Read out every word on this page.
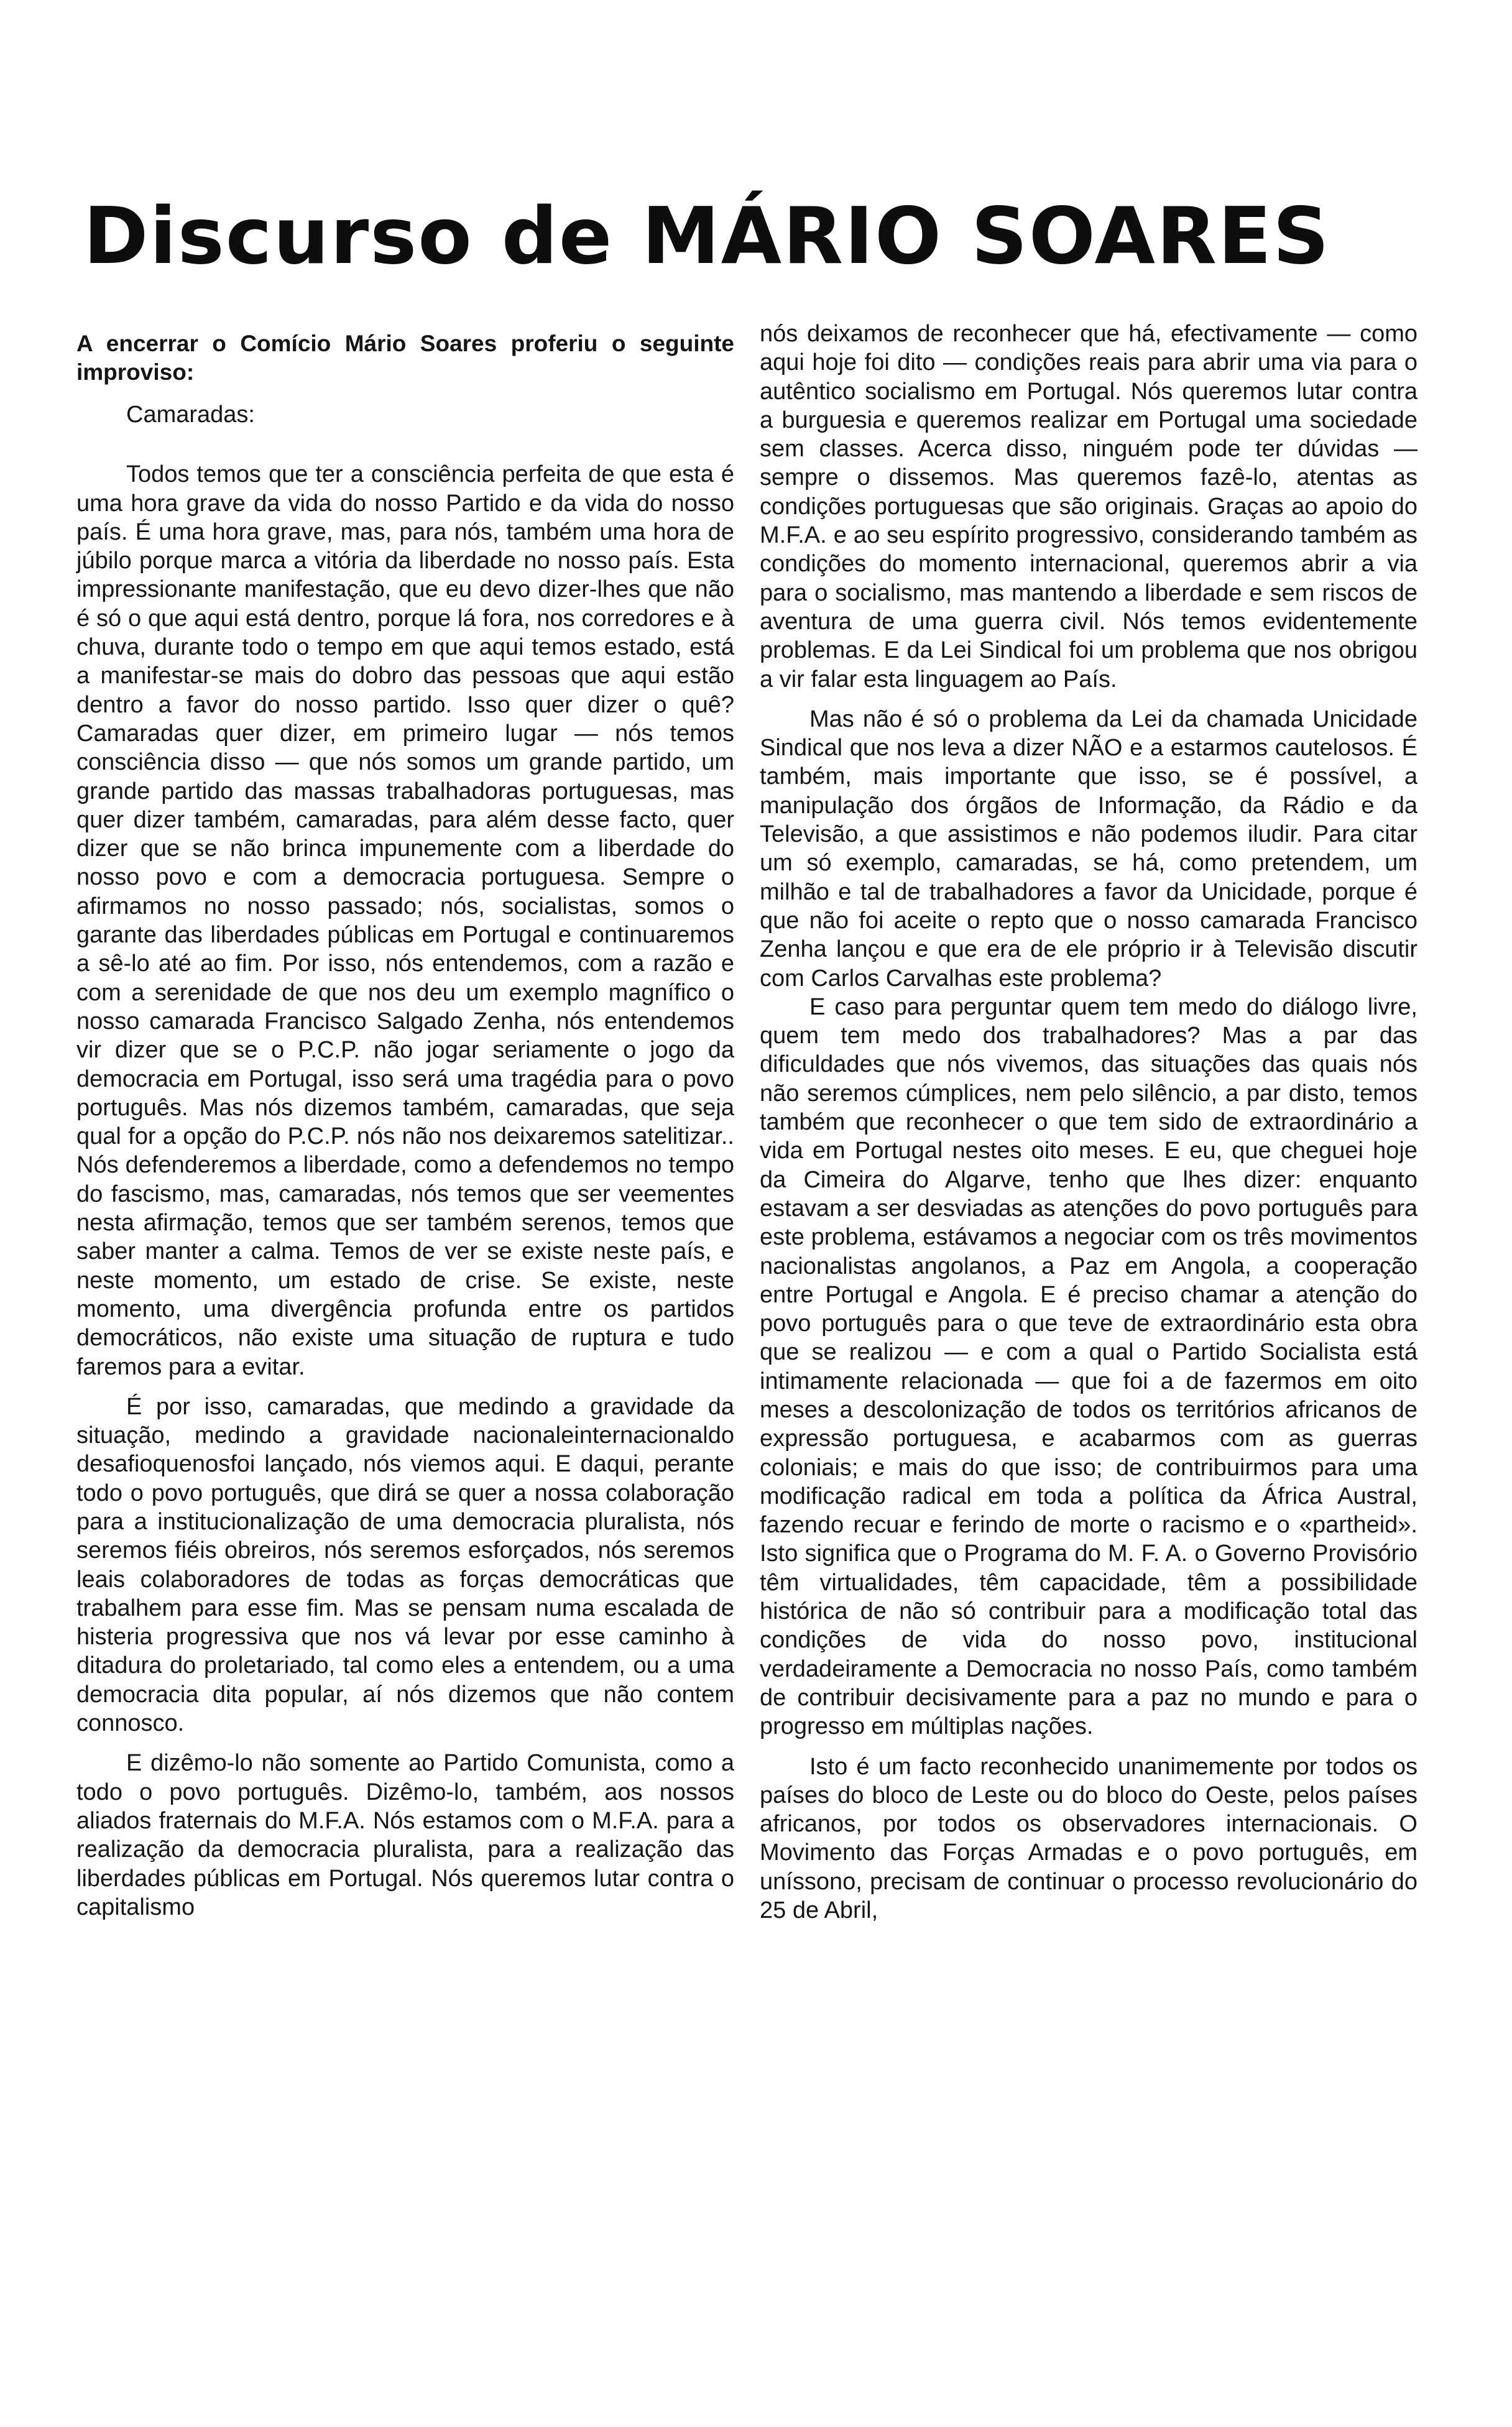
Discurso de MÁRIO SOARES

A encerrar o Comício Mário Soares proferiu o seguinte improviso:

Camaradas:

Todos temos que ter a consciência perfeita de que esta é uma hora grave da vida do nosso Partido e da vida do nosso país. É uma hora grave, mas, para nós, também uma hora de júbilo porque marca a vitória da liberdade no nosso país. Esta impressionante manifestação, que eu devo dizer-lhes que não é só o que aqui está dentro, porque lá fora, nos corredores e à chuva, durante todo o tempo em que aqui temos estado, está a manifestar-se mais do dobro das pessoas que aqui estão dentro a favor do nosso partido. Isso quer dizer o quê? Camaradas quer dizer, em primeiro lugar — nós temos consciência disso — que nós somos um grande partido, um grande partido das massas trabalhadoras portuguesas, mas quer dizer também, camaradas, para além desse facto, quer dizer que se não brinca impunemente com a liberdade do nosso povo e com a democracia portuguesa. Sempre o afirmamos no nosso passado; nós, socialistas, somos o garante das liberdades públicas em Portugal e continuaremos a sê-lo até ao fim. Por isso, nós entendemos, com a razão e com a serenidade de que nos deu um exemplo magnífico o nosso camarada Francisco Salgado Zenha, nós entendemos vir dizer que se o P.C.P. não jogar seriamente o jogo da democracia em Portugal, isso será uma tragédia para o povo português. Mas nós dizemos também, camaradas, que seja qual for a opção do P.C.P. nós não nos deixaremos satelitizar.. Nós defenderemos a liberdade, como a defendemos no tempo do fascismo, mas, camaradas, nós temos que ser veementes nesta afirmação, temos que ser também serenos, temos que saber manter a calma. Temos de ver se existe neste país, e neste momento, um estado de crise. Se existe, neste momento, uma divergência profunda entre os partidos democráticos, não existe uma situação de ruptura e tudo faremos para a evitar.

É por isso, camaradas, que medindo a gravidade da situação, medindo a gravidade nacionaleinternacionaldo desafioquenosfoi lançado, nós viemos aqui. E daqui, perante todo o povo português, que dirá se quer a nossa colaboração para a institucionalização de uma democracia pluralista, nós seremos fiéis obreiros, nós seremos esforçados, nós seremos leais colaboradores de todas as forças democráticas que trabalhem para esse fim. Mas se pensam numa escalada de histeria progressiva que nos vá levar por esse caminho à ditadura do proletariado, tal como eles a entendem, ou a uma democracia dita popular, aí nós dizemos que não contem connosco.

E dizêmo-lo não somente ao Partido Comunista, como a todo o povo português. Dizêmo-lo, também, aos nossos aliados fraternais do M.F.A. Nós estamos com o M.F.A. para a realização da democracia pluralista, para a realização das liberdades públicas em Portugal. Nós queremos lutar contra o capitalismo

nós deixamos de reconhecer que há, efectivamente — como aqui hoje foi dito — condições reais para abrir uma via para o autêntico socialismo em Portugal. Nós queremos lutar contra a burguesia e queremos realizar em Portugal uma sociedade sem classes. Acerca disso, ninguém pode ter dúvidas — sempre o dissemos. Mas queremos fazê-lo, atentas as condições portuguesas que são originais. Graças ao apoio do M.F.A. e ao seu espírito progressivo, considerando também as condições do momento internacional, queremos abrir a via para o socialismo, mas mantendo a liberdade e sem riscos de aventura de uma guerra civil. Nós temos evidentemente problemas. E da Lei Sindical foi um problema que nos obrigou a vir falar esta linguagem ao País.

Mas não é só o problema da Lei da chamada Unicidade Sindical que nos leva a dizer NÃO e a estarmos cautelosos. É também, mais importante que isso, se é possível, a manipulação dos órgãos de Informação, da Rádio e da Televisão, a que assistimos e não podemos iludir. Para citar um só exemplo, camaradas, se há, como pretendem, um milhão e tal de trabalhadores a favor da Unicidade, porque é que não foi aceite o repto que o nosso camarada Francisco Zenha lançou e que era de ele próprio ir à Televisão discutir com Carlos Carvalhas este problema?

E caso para perguntar quem tem medo do diálogo livre, quem tem medo dos trabalhadores? Mas a par das dificuldades que nós vivemos, das situações das quais nós não seremos cúmplices, nem pelo silêncio, a par disto, temos também que reconhecer o que tem sido de extraordinário a vida em Portugal nestes oito meses. E eu, que cheguei hoje da Cimeira do Algarve, tenho que lhes dizer: enquanto estavam a ser desviadas as atenções do povo português para este problema, estávamos a negociar com os três movimentos nacionalistas angolanos, a Paz em Angola, a cooperação entre Portugal e Angola. E é preciso chamar a atenção do povo português para o que teve de extraordinário esta obra que se realizou — e com a qual o Partido Socialista está intimamente relacionada — que foi a de fazermos em oito meses a descolonização de todos os territórios africanos de expressão portuguesa, e acabarmos com as guerras coloniais; e mais do que isso; de contribuirmos para uma modificação radical em toda a política da África Austral, fazendo recuar e ferindo de morte o racismo e o «partheid». Isto significa que o Programa do M. F. A. o Governo Provisório têm virtualidades, têm capacidade, têm a possibilidade histórica de não só contribuir para a modificação total das condições de vida do nosso povo, institucional verdadeiramente a Democracia no nosso País, como também de contribuir decisivamente para a paz no mundo e para o progresso em múltiplas nações.

Isto é um facto reconhecido unanimemente por todos os países do bloco de Leste ou do bloco do Oeste, pelos países africanos, por todos os observadores internacionais. O Movimento das Forças Armadas e o povo português, em uníssono, precisam de continuar o processo revolucionário do 25 de Abril,
